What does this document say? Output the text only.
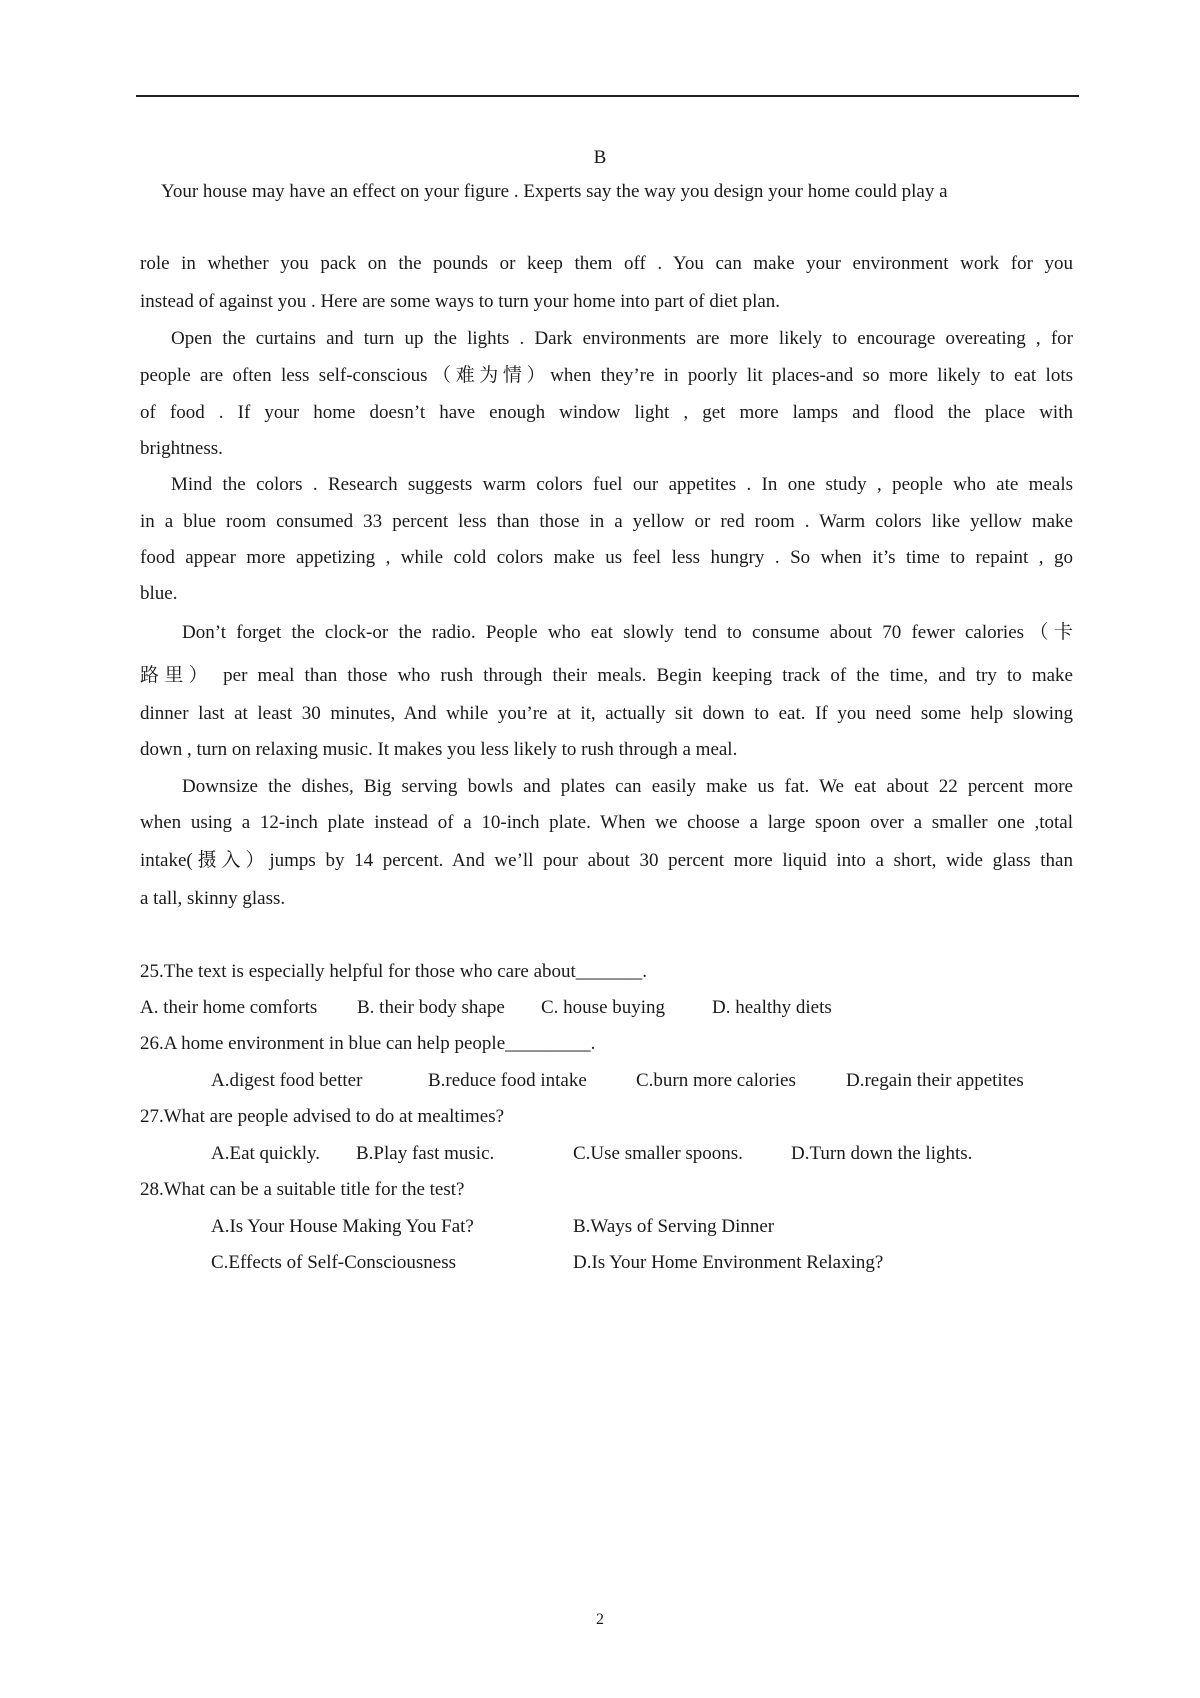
B
Your house may have an effect on your figure . Experts say the way you design your home could play a
role in whether you pack on the pounds or keep them off . You can make your environment work for you
instead of against you . Here are some ways to turn your home into part of diet plan.
Open the curtains and turn up the lights . Dark environments are more likely to encourage overeating , for
people are often less self-conscious（难为情）when they’re in poorly lit places-and so more likely to eat lots
of food . If your home doesn’t have enough window light , get more lamps and flood the place with
brightness.
Mind the colors . Research suggests warm colors fuel our appetites . In one study , people who ate meals
in a blue room consumed 33 percent less than those in a yellow or red room . Warm colors like yellow make
food appear more appetizing , while cold colors make us feel less hungry . So when it’s time to repaint , go
blue.
Don’t forget the clock-or the radio. People who eat slowly tend to consume about 70 fewer calories（卡
路里） per meal than those who rush through their meals. Begin keeping track of the time, and try to make
dinner last at least 30 minutes, And while you’re at it, actually sit down to eat. If you need some help slowing
down , turn on relaxing music. It makes you less likely to rush through a meal.
Downsize the dishes, Big serving bowls and plates can easily make us fat. We eat about 22 percent more
when using a 12-inch plate instead of a 10-inch plate. When we choose a large spoon over a smaller one ,total
intake(摄入）jumps by 14 percent. And we’ll pour about 30 percent more liquid into a short, wide glass than
a tall, skinny glass.
25.The text is especially helpful for those who care about_______.
A. their home comforts B. their body shape C. house buying D. healthy diets
26.A home environment in blue can help people_________.
A.digest food better	B.reduce food intake	C.burn more calories	D.regain their appetites
27.What are people advised to do at mealtimes?
A.Eat quickly. B.Play fast music.	C.Use smaller spoons.	D.Turn down the lights.
28.What can be a suitable title for the test?
A.Is Your House Making You Fat?	B.Ways of Serving Dinner
C.Effects of Self-Consciousness	D.Is Your Home Environment Relaxing?
2
